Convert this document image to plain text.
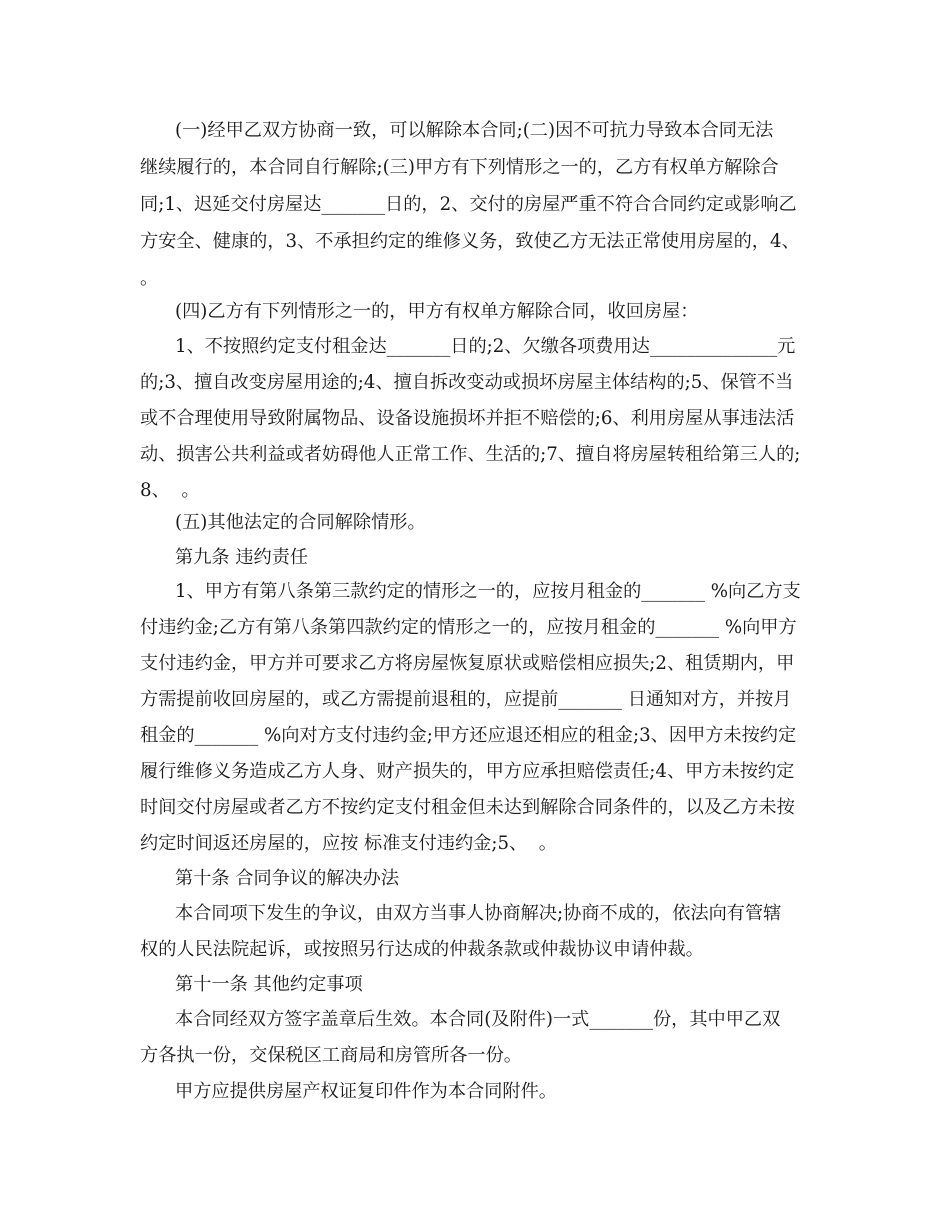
(一)经甲乙双方协商一致，可以解除本合同;(二)因不可抗力导致本合同无法
继续履行的，本合同自行解除;(三)甲方有下列情形之一的，乙方有权单方解除合
同;1、迟延交付房屋达_______日的，2、交付的房屋严重不符合合同约定或影响乙
方安全、健康的，3、不承担约定的维修义务，致使乙方无法正常使用房屋的，4、
。
(四)乙方有下列情形之一的，甲方有权单方解除合同，收回房屋：
1、不按照约定支付租金达_______日的;2、欠缴各项费用达______________元
的;3、擅自改变房屋用途的;4、擅自拆改变动或损坏房屋主体结构的;5、保管不当
或不合理使用导致附属物品、设备设施损坏并拒不赔偿的;6、利用房屋从事违法活
动、损害公共利益或者妨碍他人正常工作、生活的;7、擅自将房屋转租给第三人的;
8、  。
(五)其他法定的合同解除情形。
第九条 违约责任
1、甲方有第八条第三款约定的情形之一的，应按月租金的_______ %向乙方支
付违约金;乙方有第八条第四款约定的情形之一的，应按月租金的_______ %向甲方
支付违约金，甲方并可要求乙方将房屋恢复原状或赔偿相应损失;2、租赁期内，甲
方需提前收回房屋的，或乙方需提前退租的，应提前_______ 日通知对方，并按月
租金的_______ %向对方支付违约金;甲方还应退还相应的租金;3、因甲方未按约定
履行维修义务造成乙方人身、财产损失的，甲方应承担赔偿责任;4、甲方未按约定
时间交付房屋或者乙方不按约定支付租金但未达到解除合同条件的，以及乙方未按
约定时间返还房屋的，应按 标准支付违约金;5、  。
第十条 合同争议的解决办法
本合同项下发生的争议，由双方当事人协商解决;协商不成的，依法向有管辖
权的人民法院起诉，或按照另行达成的仲裁条款或仲裁协议申请仲裁。
第十一条 其他约定事项
本合同经双方签字盖章后生效。本合同(及附件)一式_______份，其中甲乙双
方各执一份，交保税区工商局和房管所各一份。
甲方应提供房屋产权证复印件作为本合同附件。
